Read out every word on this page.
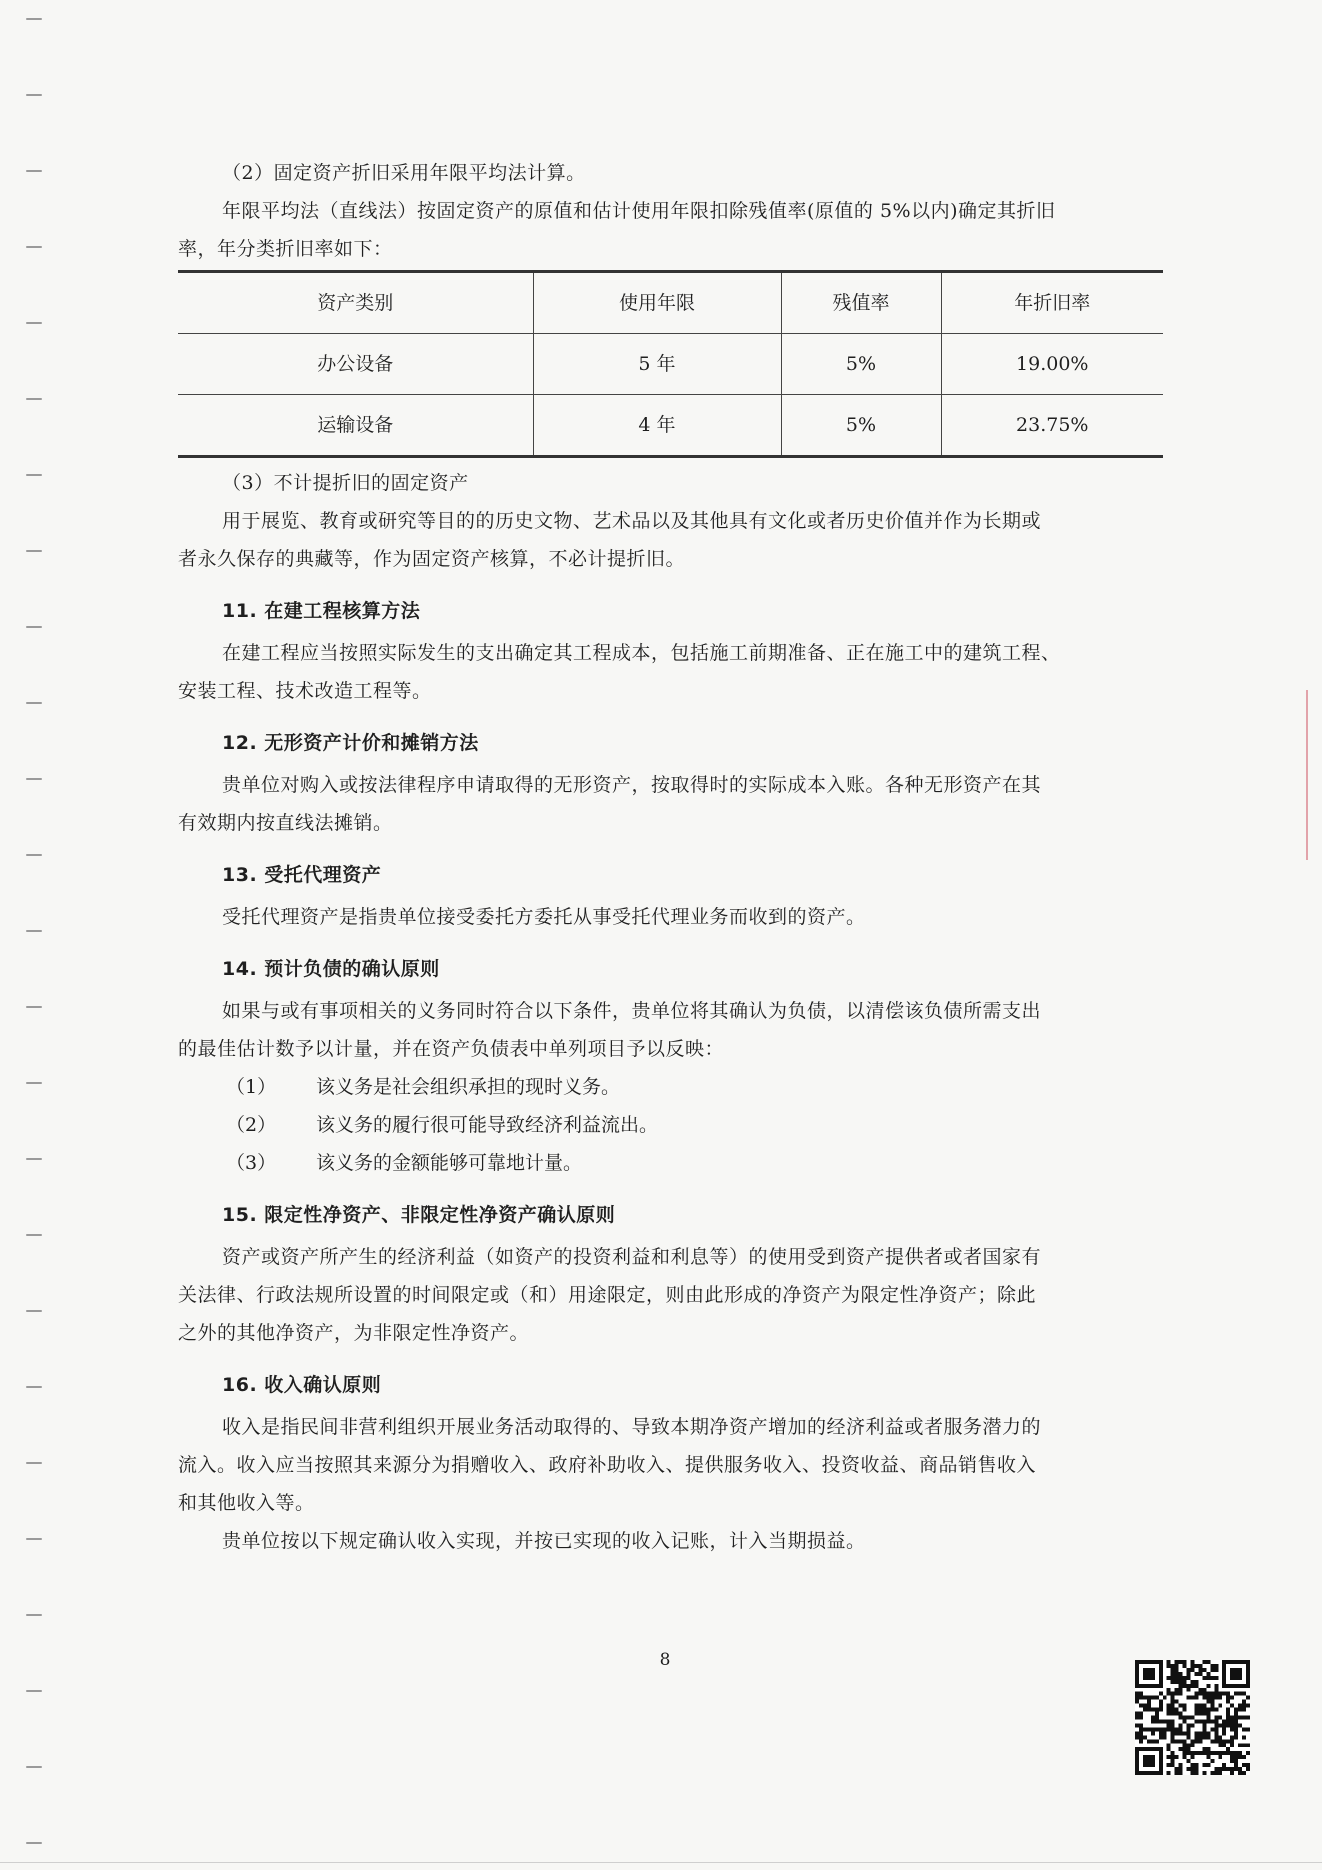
（2）固定资产折旧采用年限平均法计算。
年限平均法（直线法）按固定资产的原值和估计使用年限扣除残值率(原值的 5%以内)确定其折旧
率，年分类折旧率如下：
资产类别	使用年限	残值率	年折旧率
办公设备	5 年	5%	19.00%
运输设备	4 年	5%	23.75%
（3）不计提折旧的固定资产
用于展览、教育或研究等目的的历史文物、艺术品以及其他具有文化或者历史价值并作为长期或
者永久保存的典藏等，作为固定资产核算，不必计提折旧。
11. 在建工程核算方法
在建工程应当按照实际发生的支出确定其工程成本，包括施工前期准备、正在施工中的建筑工程、
安装工程、技术改造工程等。
12. 无形资产计价和摊销方法
贵单位对购入或按法律程序申请取得的无形资产，按取得时的实际成本入账。各种无形资产在其
有效期内按直线法摊销。
13. 受托代理资产
受托代理资产是指贵单位接受委托方委托从事受托代理业务而收到的资产。
14. 预计负债的确认原则
如果与或有事项相关的义务同时符合以下条件，贵单位将其确认为负债，以清偿该负债所需支出
的最佳估计数予以计量，并在资产负债表中单列项目予以反映：
（1）	该义务是社会组织承担的现时义务。
（2）	该义务的履行很可能导致经济利益流出。
（3）	该义务的金额能够可靠地计量。
15. 限定性净资产、非限定性净资产确认原则
资产或资产所产生的经济利益（如资产的投资利益和利息等）的使用受到资产提供者或者国家有
关法律、行政法规所设置的时间限定或（和）用途限定，则由此形成的净资产为限定性净资产；除此
之外的其他净资产，为非限定性净资产。
16. 收入确认原则
收入是指民间非营利组织开展业务活动取得的、导致本期净资产增加的经济利益或者服务潜力的
流入。收入应当按照其来源分为捐赠收入、政府补助收入、提供服务收入、投资收益、商品销售收入
和其他收入等。
贵单位按以下规定确认收入实现，并按已实现的收入记账，计入当期损益。
8
